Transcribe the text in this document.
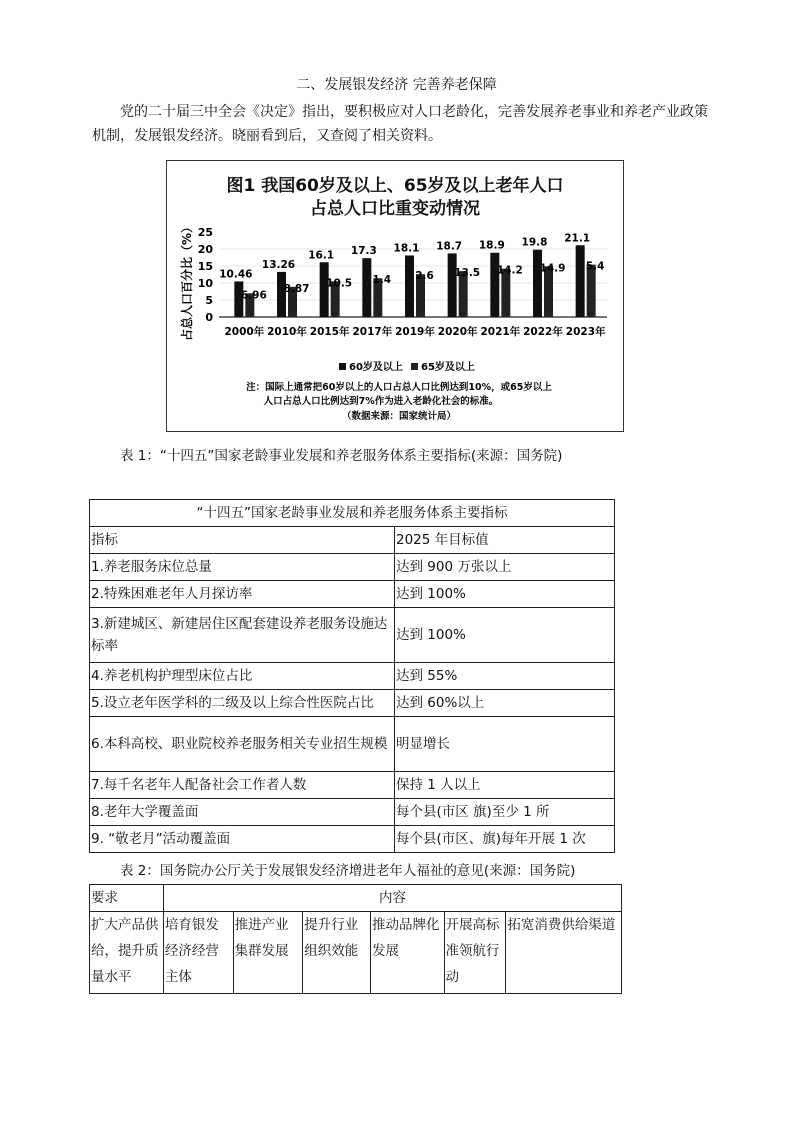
二、发展银发经济 完善养老保障
党的二十届三中全会《决定》指出，要积极应对人口老龄化，完善发展养老事业和养老产业政策机制，发展银发经济。晓丽看到后，又查阅了相关资料。
图1 我国60岁及以上、65岁及以上老年人口
占总人口比重变动情况
占总人口百分比（%） 0
5
10
15
20
25
10.46
6.96
13.26
8.87
16.1
10.5
17.3
1.4
18.1
2.6
18.7
13.5
18.9
14.2
19.8
14.9
21.1
5.4
2000年 2010年 2015年 2017年 2019年 2020年 2021年 2022年 2023年
60岁及以上 65岁及以上
注：国际上通常把60岁以上的人口占总人口比例达到10%，或65岁以上
人口占总人口比例达到7%作为进入老龄化社会的标准。
（数据来源：国家统计局）
表 1：“十四五”国家老龄事业发展和养老服务体系主要指标(来源：国务院)
“十四五”国家老龄事业发展和养老服务体系主要指标	
指标	2025 年目标值
1.养老服务床位总量	达到 900 万张以上
2.特殊困难老年人月探访率	达到 100%
3.新建城区、新建居住区配套建设养老服务设施达标率	达到 100%
4.养老机构护理型床位占比	达到 55%
5.设立老年医学科的二级及以上综合性医院占比	达到 60%以上
6.本科高校、职业院校养老服务相关专业招生规模	明显增长
7.每千名老年人配备社会工作者人数	保持 1 人以上
8.老年大学覆盖面	每个县(市区 旗)至少 1 所
9. “敬老月”活动覆盖面	每个县(市区、旗)每年开展 1 次
表 2：国务院办公厅关于发展银发经济增进老年人福祉的意见(来源：国务院)
要求	内容					
扩大产品供给，提升质量水平	培育银发经济经营主体	推进产业集群发展	提升行业组织效能	推动品牌化发展	开展高标准领航行动	拓宽消费供给渠道
